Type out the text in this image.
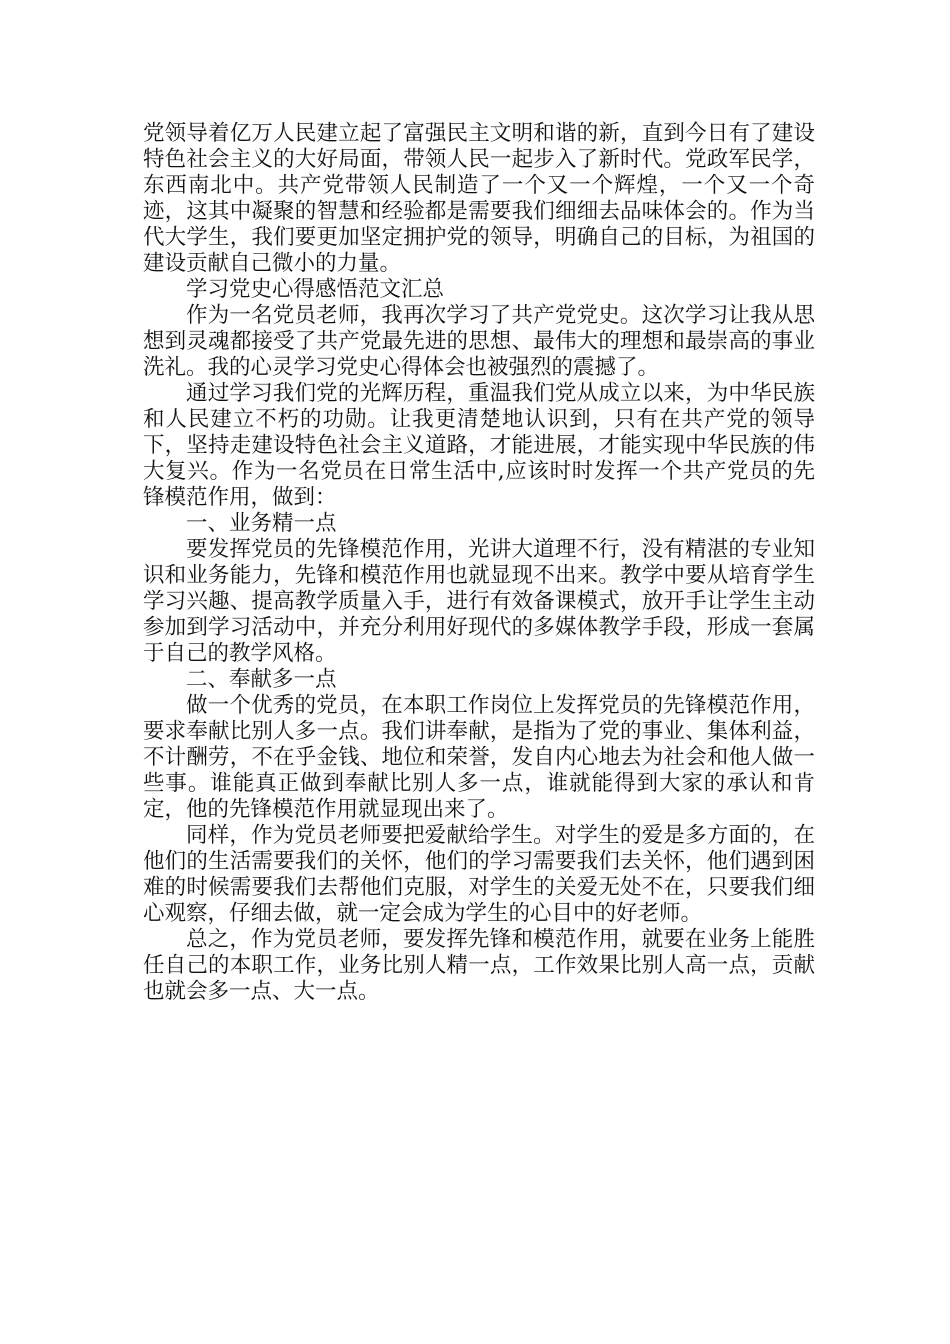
党领导着亿万人民建立起了富强民主文明和谐的新，直到今日有了建设特色社会主义的大好局面，带领人民一起步入了新时代。党政军民学，东西南北中。共产党带领人民制造了一个又一个辉煌，一个又一个奇迹，这其中凝聚的智慧和经验都是需要我们细细去品味体会的。作为当代大学生，我们要更加坚定拥护党的领导，明确自己的目标，为祖国的建设贡献自己微小的力量。

学习党史心得感悟范文汇总

作为一名党员老师，我再次学习了共产党党史。这次学习让我从思想到灵魂都接受了共产党最先进的思想、最伟大的理想和最崇高的事业洗礼。我的心灵学习党史心得体会也被强烈的震撼了。

通过学习我们党的光辉历程，重温我们党从成立以来，为中华民族和人民建立不朽的功勋。让我更清楚地认识到，只有在共产党的领导下，坚持走建设特色社会主义道路，才能进展，才能实现中华民族的伟大复兴。作为一名党员在日常生活中,应该时时发挥一个共产党员的先锋模范作用，做到：

一、业务精一点

要发挥党员的先锋模范作用，光讲大道理不行，没有精湛的专业知识和业务能力，先锋和模范作用也就显现不出来。教学中要从培育学生学习兴趣、提高教学质量入手，进行有效备课模式，放开手让学生主动参加到学习活动中，并充分利用好现代的多媒体教学手段，形成一套属于自己的教学风格。

二、奉献多一点

做一个优秀的党员，在本职工作岗位上发挥党员的先锋模范作用，要求奉献比别人多一点。我们讲奉献，是指为了党的事业、集体利益，不计酬劳，不在乎金钱、地位和荣誉，发自内心地去为社会和他人做一些事。谁能真正做到奉献比别人多一点，谁就能得到大家的承认和肯定，他的先锋模范作用就显现出来了。

同样，作为党员老师要把爱献给学生。对学生的爱是多方面的，在他们的生活需要我们的关怀，他们的学习需要我们去关怀，他们遇到困难的时候需要我们去帮他们克服，对学生的关爱无处不在，只要我们细心观察，仔细去做，就一定会成为学生的心目中的好老师。

总之，作为党员老师，要发挥先锋和模范作用，就要在业务上能胜任自己的本职工作，业务比别人精一点，工作效果比别人高一点，贡献也就会多一点、大一点。
